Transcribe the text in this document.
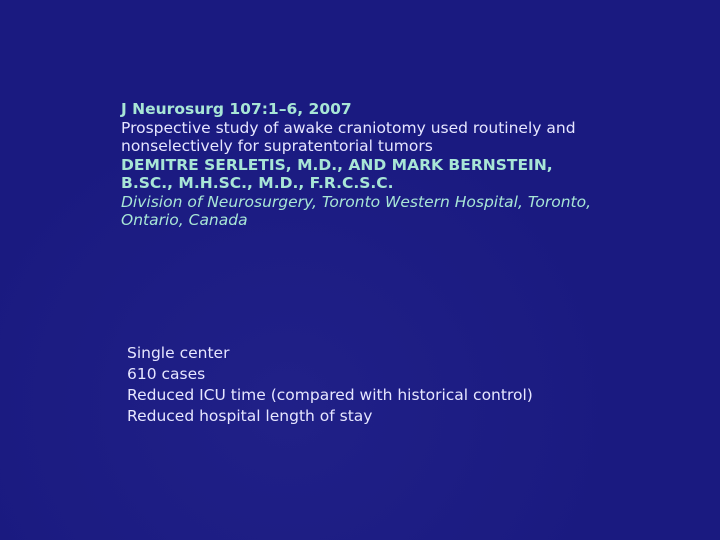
J Neurosurg 107:1–6, 2007
Prospective study of awake craniotomy used routinely and
nonselectively for supratentorial tumors
DEMITRE SERLETIS, M.D., AND MARK BERNSTEIN,
B.SC., M.H.SC., M.D., F.R.C.S.C.
Division of Neurosurgery, Toronto Western Hospital, Toronto,
Ontario, Canada
Single center
610 cases
Reduced ICU time (compared with historical control)
Reduced hospital length of stay
